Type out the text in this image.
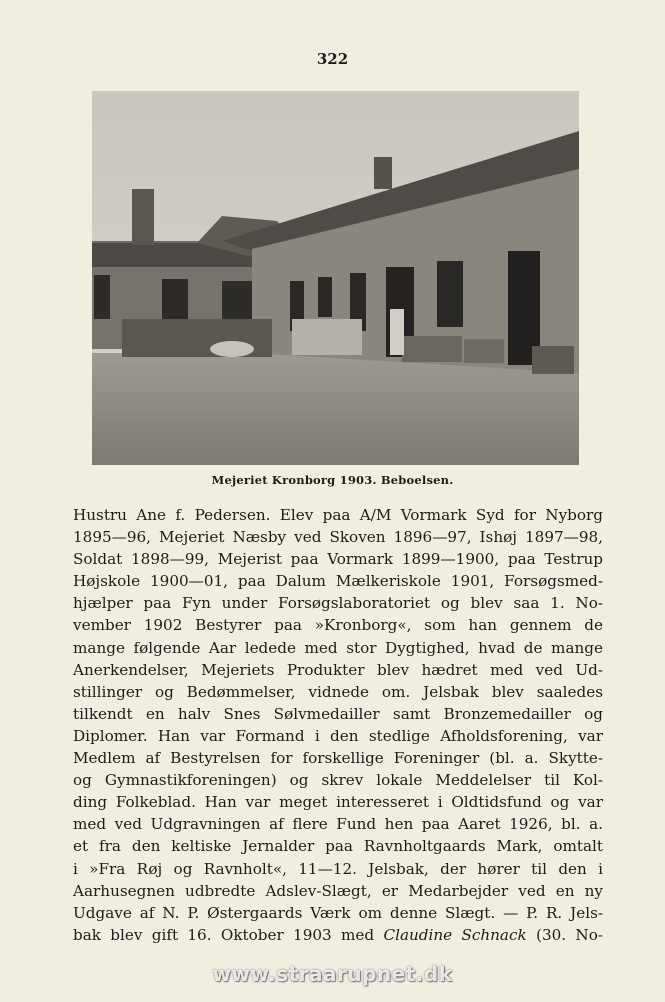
322
Mejeriet Kronborg 1903. Beboelsen.
Hustru Ane f. Pedersen. Elev paa A/M Vormark Syd for Nyborg
1895—96, Mejeriet Næsby ved Skoven 1896—97, Ishøj 1897—98,
Soldat 1898—99, Mejerist paa Vormark 1899—1900, paa Testrup
Højskole 1900—01, paa Dalum Mælkeriskole 1901, Forsøgsmed-
hjælper paa Fyn under Forsøgslaboratoriet og blev saa 1. No-
vember 1902 Bestyrer paa »Kronborg«, som han gennem de
mange følgende Aar ledede med stor Dygtighed, hvad de mange
Anerkendelser, Mejeriets Produkter blev hædret med ved Ud-
stillinger og Bedømmelser, vidnede om. Jelsbak blev saaledes
tilkendt en halv Snes Sølvmedailler samt Bronzemedailler og
Diplomer. Han var Formand i den stedlige Afholdsforening, var
Medlem af Bestyrelsen for forskellige Foreninger (bl. a. Skytte-
og Gymnastikforeningen) og skrev lokale Meddelelser til Kol-
ding Folkeblad. Han var meget interesseret i Oldtidsfund og var
med ved Udgravningen af flere Fund hen paa Aaret 1926, bl. a.
et fra den keltiske Jernalder paa Ravnholtgaards Mark, omtalt
i »Fra Røj og Ravnholt«, 11—12. Jelsbak, der hører til den i
Aarhusegnen udbredte Adslev-Slægt, er Medarbejder ved en ny
Udgave af N. P. Østergaards Værk om denne Slægt. — P. R. Jels-
bak blev gift 16. Oktober 1903 med Claudine Schnack (30. No-
www.straarupnet.dk
